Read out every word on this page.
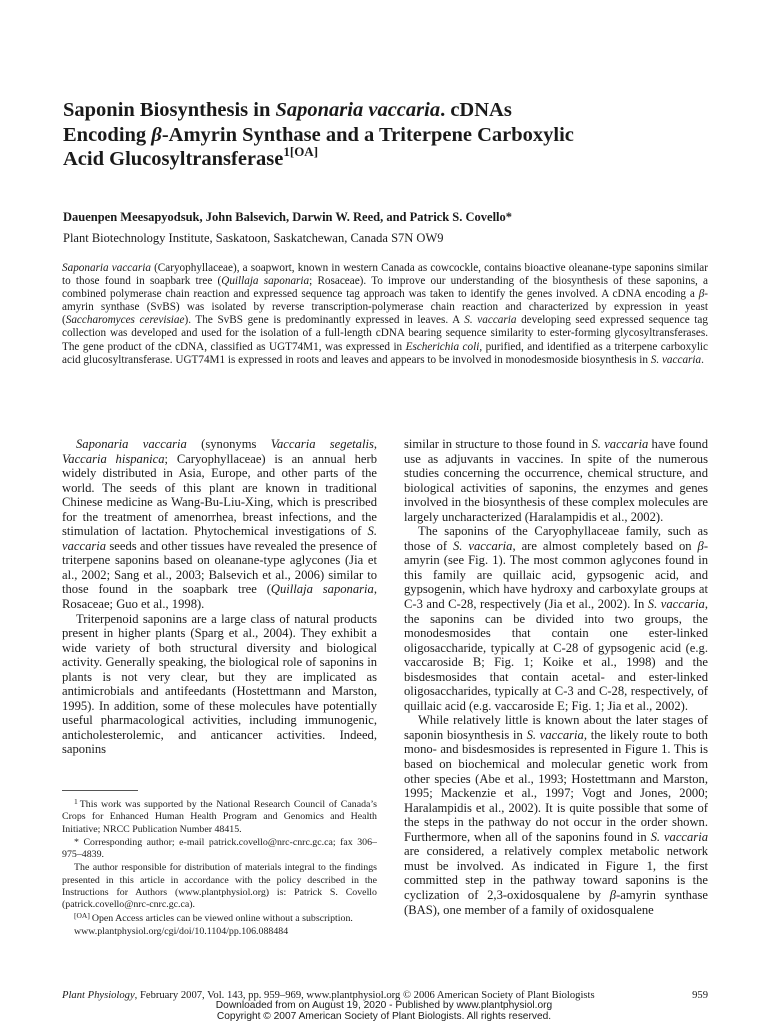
Saponin Biosynthesis in Saponaria vaccaria. cDNAs
Encoding β-Amyrin Synthase and a Triterpene Carboxylic
Acid Glucosyltransferase$^{1[OA]}$
Dauenpen Meesapyodsuk, John Balsevich, Darwin W. Reed, and Patrick S. Covello*
Plant Biotechnology Institute, Saskatoon, Saskatchewan, Canada S7N OW9

Saponaria vaccaria (Caryophyllaceae), a soapwort, known in western Canada as cowcockle, contains bioactive oleanane-type saponins similar to those found in soapbark tree (Quillaja saponaria; Rosaceae). To improve our understanding of the biosynthesis of these saponins, a combined polymerase chain reaction and expressed sequence tag approach was taken to identify the genes involved. A cDNA encoding a β-amyrin synthase (SvBS) was isolated by reverse transcription-polymerase chain reaction and characterized by expression in yeast (Saccharomyces cerevisiae). The SvBS gene is predominantly expressed in leaves. A S. vaccaria developing seed expressed sequence tag collection was developed and used for the isolation of a full-length cDNA bearing sequence similarity to ester-forming glycosyltransferases. The gene product of the cDNA, classified as UGT74M1, was expressed in Escherichia coli, purified, and identified as a triterpene carboxylic acid glucosyltransferase. UGT74M1 is expressed in roots and leaves and appears to be involved in monodesmoside biosynthesis in S. vaccaria.

Saponaria vaccaria (synonyms Vaccaria segetalis, Vaccaria hispanica; Caryophyllaceae) is an annual herb widely distributed in Asia, Europe, and other parts of the world. The seeds of this plant are known in traditional Chinese medicine as Wang-Bu-Liu-Xing, which is prescribed for the treatment of amenorrhea, breast infections, and the stimulation of lactation. Phytochemical investigations of S. vaccaria seeds and other tissues have revealed the presence of triterpene saponins based on oleanane-type aglycones (Jia et al., 2002; Sang et al., 2003; Balsevich et al., 2006) similar to those found in the soapbark tree (Quillaja saponaria, Rosaceae; Guo et al., 1998).

Triterpenoid saponins are a large class of natural products present in higher plants (Sparg et al., 2004). They exhibit a wide variety of both structural diversity and biological activity. Generally speaking, the biological role of saponins in plants is not very clear, but they are implicated as antimicrobials and antifeedants (Hostettmann and Marston, 1995). In addition, some of these molecules have potentially useful pharmacological activities, including immunogenic, anticholesterolemic, and anticancer activities. Indeed, saponins

similar in structure to those found in S. vaccaria have found use as adjuvants in vaccines. In spite of the numerous studies concerning the occurrence, chemical structure, and biological activities of saponins, the enzymes and genes involved in the biosynthesis of these complex molecules are largely uncharacterized (Haralampidis et al., 2002).

The saponins of the Caryophyllaceae family, such as those of S. vaccaria, are almost completely based on β-amyrin (see Fig. 1). The most common aglycones found in this family are quillaic acid, gypsogenic acid, and gypsogenin, which have hydroxy and carboxylate groups at C-3 and C-28, respectively (Jia et al., 2002). In S. vaccaria, the saponins can be divided into two groups, the monodesmosides that contain one ester-linked oligosaccharide, typically at C-28 of gypsogenic acid (e.g. vaccaroside B; Fig. 1; Koike et al., 1998) and the bisdesmosides that contain acetal- and ester-linked oligosaccharides, typically at C-3 and C-28, respectively, of quillaic acid (e.g. vaccaroside E; Fig. 1; Jia et al., 2002).

While relatively little is known about the later stages of saponin biosynthesis in S. vaccaria, the likely route to both mono- and bisdesmosides is represented in Figure 1. This is based on biochemical and molecular genetic work from other species (Abe et al., 1993; Hostettmann and Marston, 1995; Mackenzie et al., 1997; Vogt and Jones, 2000; Haralampidis et al., 2002). It is quite possible that some of the steps in the pathway do not occur in the order shown. Furthermore, when all of the saponins found in S. vaccaria are considered, a relatively complex metabolic network must be involved. As indicated in Figure 1, the first committed step in the pathway toward saponins is the cyclization of 2,3-oxidosqualene by β-amyrin synthase (BAS), one member of a family of oxidosqualene

$^1$ This work was supported by the National Research Council of Canada’s Crops for Enhanced Human Health Program and Genomics and Health Initiative; NRCC Publication Number 48415.

* Corresponding author; e-mail patrick.covello@nrc-cnrc.gc.ca; fax 306–975–4839.

The author responsible for distribution of materials integral to the findings presented in this article in accordance with the policy described in the Instructions for Authors (www.plantphysiol.org) is: Patrick S. Covello (patrick.covello@nrc-cnrc.gc.ca).

[OA] Open Access articles can be viewed online without a subscription.

www.plantphysiol.org/cgi/doi/10.1104/pp.106.088484

Plant Physiology, February 2007, Vol. 143, pp. 959–969, www.plantphysiol.org © 2006 American Society of Plant Biologists	959
Downloaded from on August 19, 2020 - Published by www.plantphysiol.org
Copyright © 2007 American Society of Plant Biologists. All rights reserved.
